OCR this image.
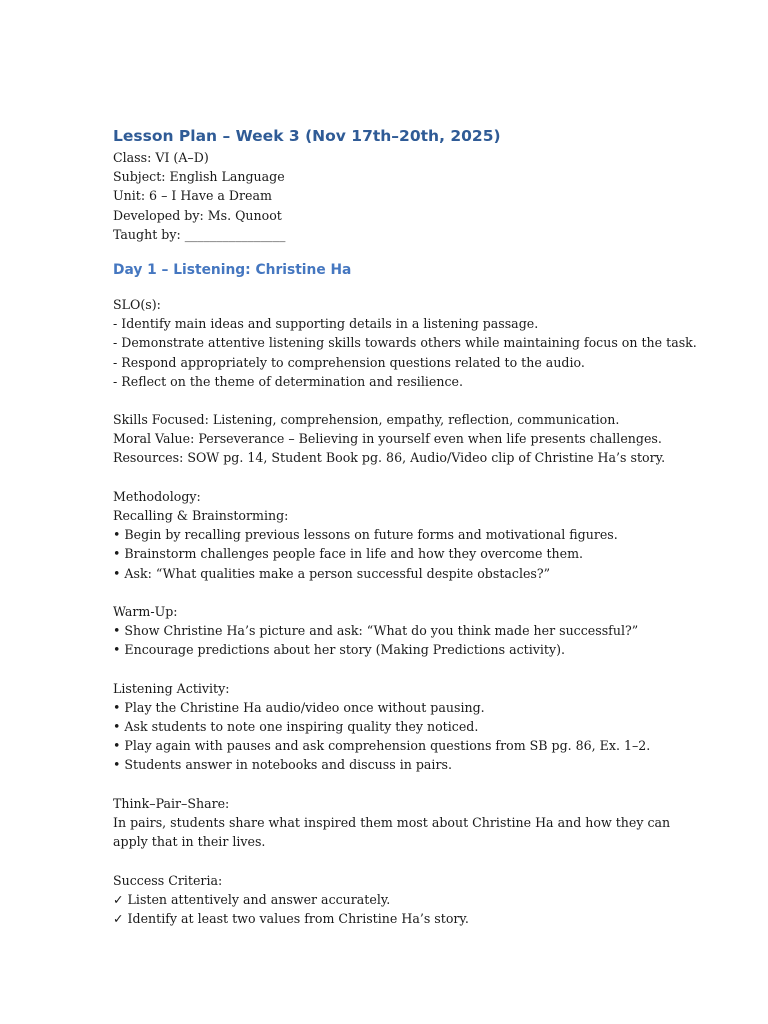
Lesson Plan – Week 3 (Nov 17th–20th, 2025)
Class: VI (A–D)
Subject: English Language
Unit: 6 – I Have a Dream
Developed by: Ms. Qunoot
Taught by: ________________
Day 1 – Listening: Christine Ha
SLO(s):
- Identify main ideas and supporting details in a listening passage.
- Demonstrate attentive listening skills towards others while maintaining focus on the task.
- Respond appropriately to comprehension questions related to the audio.
- Reflect on the theme of determination and resilience.
Skills Focused: Listening, comprehension, empathy, reflection, communication.
Moral Value: Perseverance – Believing in yourself even when life presents challenges.
Resources: SOW pg. 14, Student Book pg. 86, Audio/Video clip of Christine Ha’s story.
Methodology:
Recalling & Brainstorming:
• Begin by recalling previous lessons on future forms and motivational figures.
• Brainstorm challenges people face in life and how they overcome them.
• Ask: “What qualities make a person successful despite obstacles?”
Warm-Up:
• Show Christine Ha’s picture and ask: “What do you think made her successful?”
• Encourage predictions about her story (Making Predictions activity).
Listening Activity:
• Play the Christine Ha audio/video once without pausing.
• Ask students to note one inspiring quality they noticed.
• Play again with pauses and ask comprehension questions from SB pg. 86, Ex. 1–2.
• Students answer in notebooks and discuss in pairs.
Think–Pair–Share:
In pairs, students share what inspired them most about Christine Ha and how they can apply that in their lives.
Success Criteria:
✓ Listen attentively and answer accurately.
✓ Identify at least two values from Christine Ha’s story.
